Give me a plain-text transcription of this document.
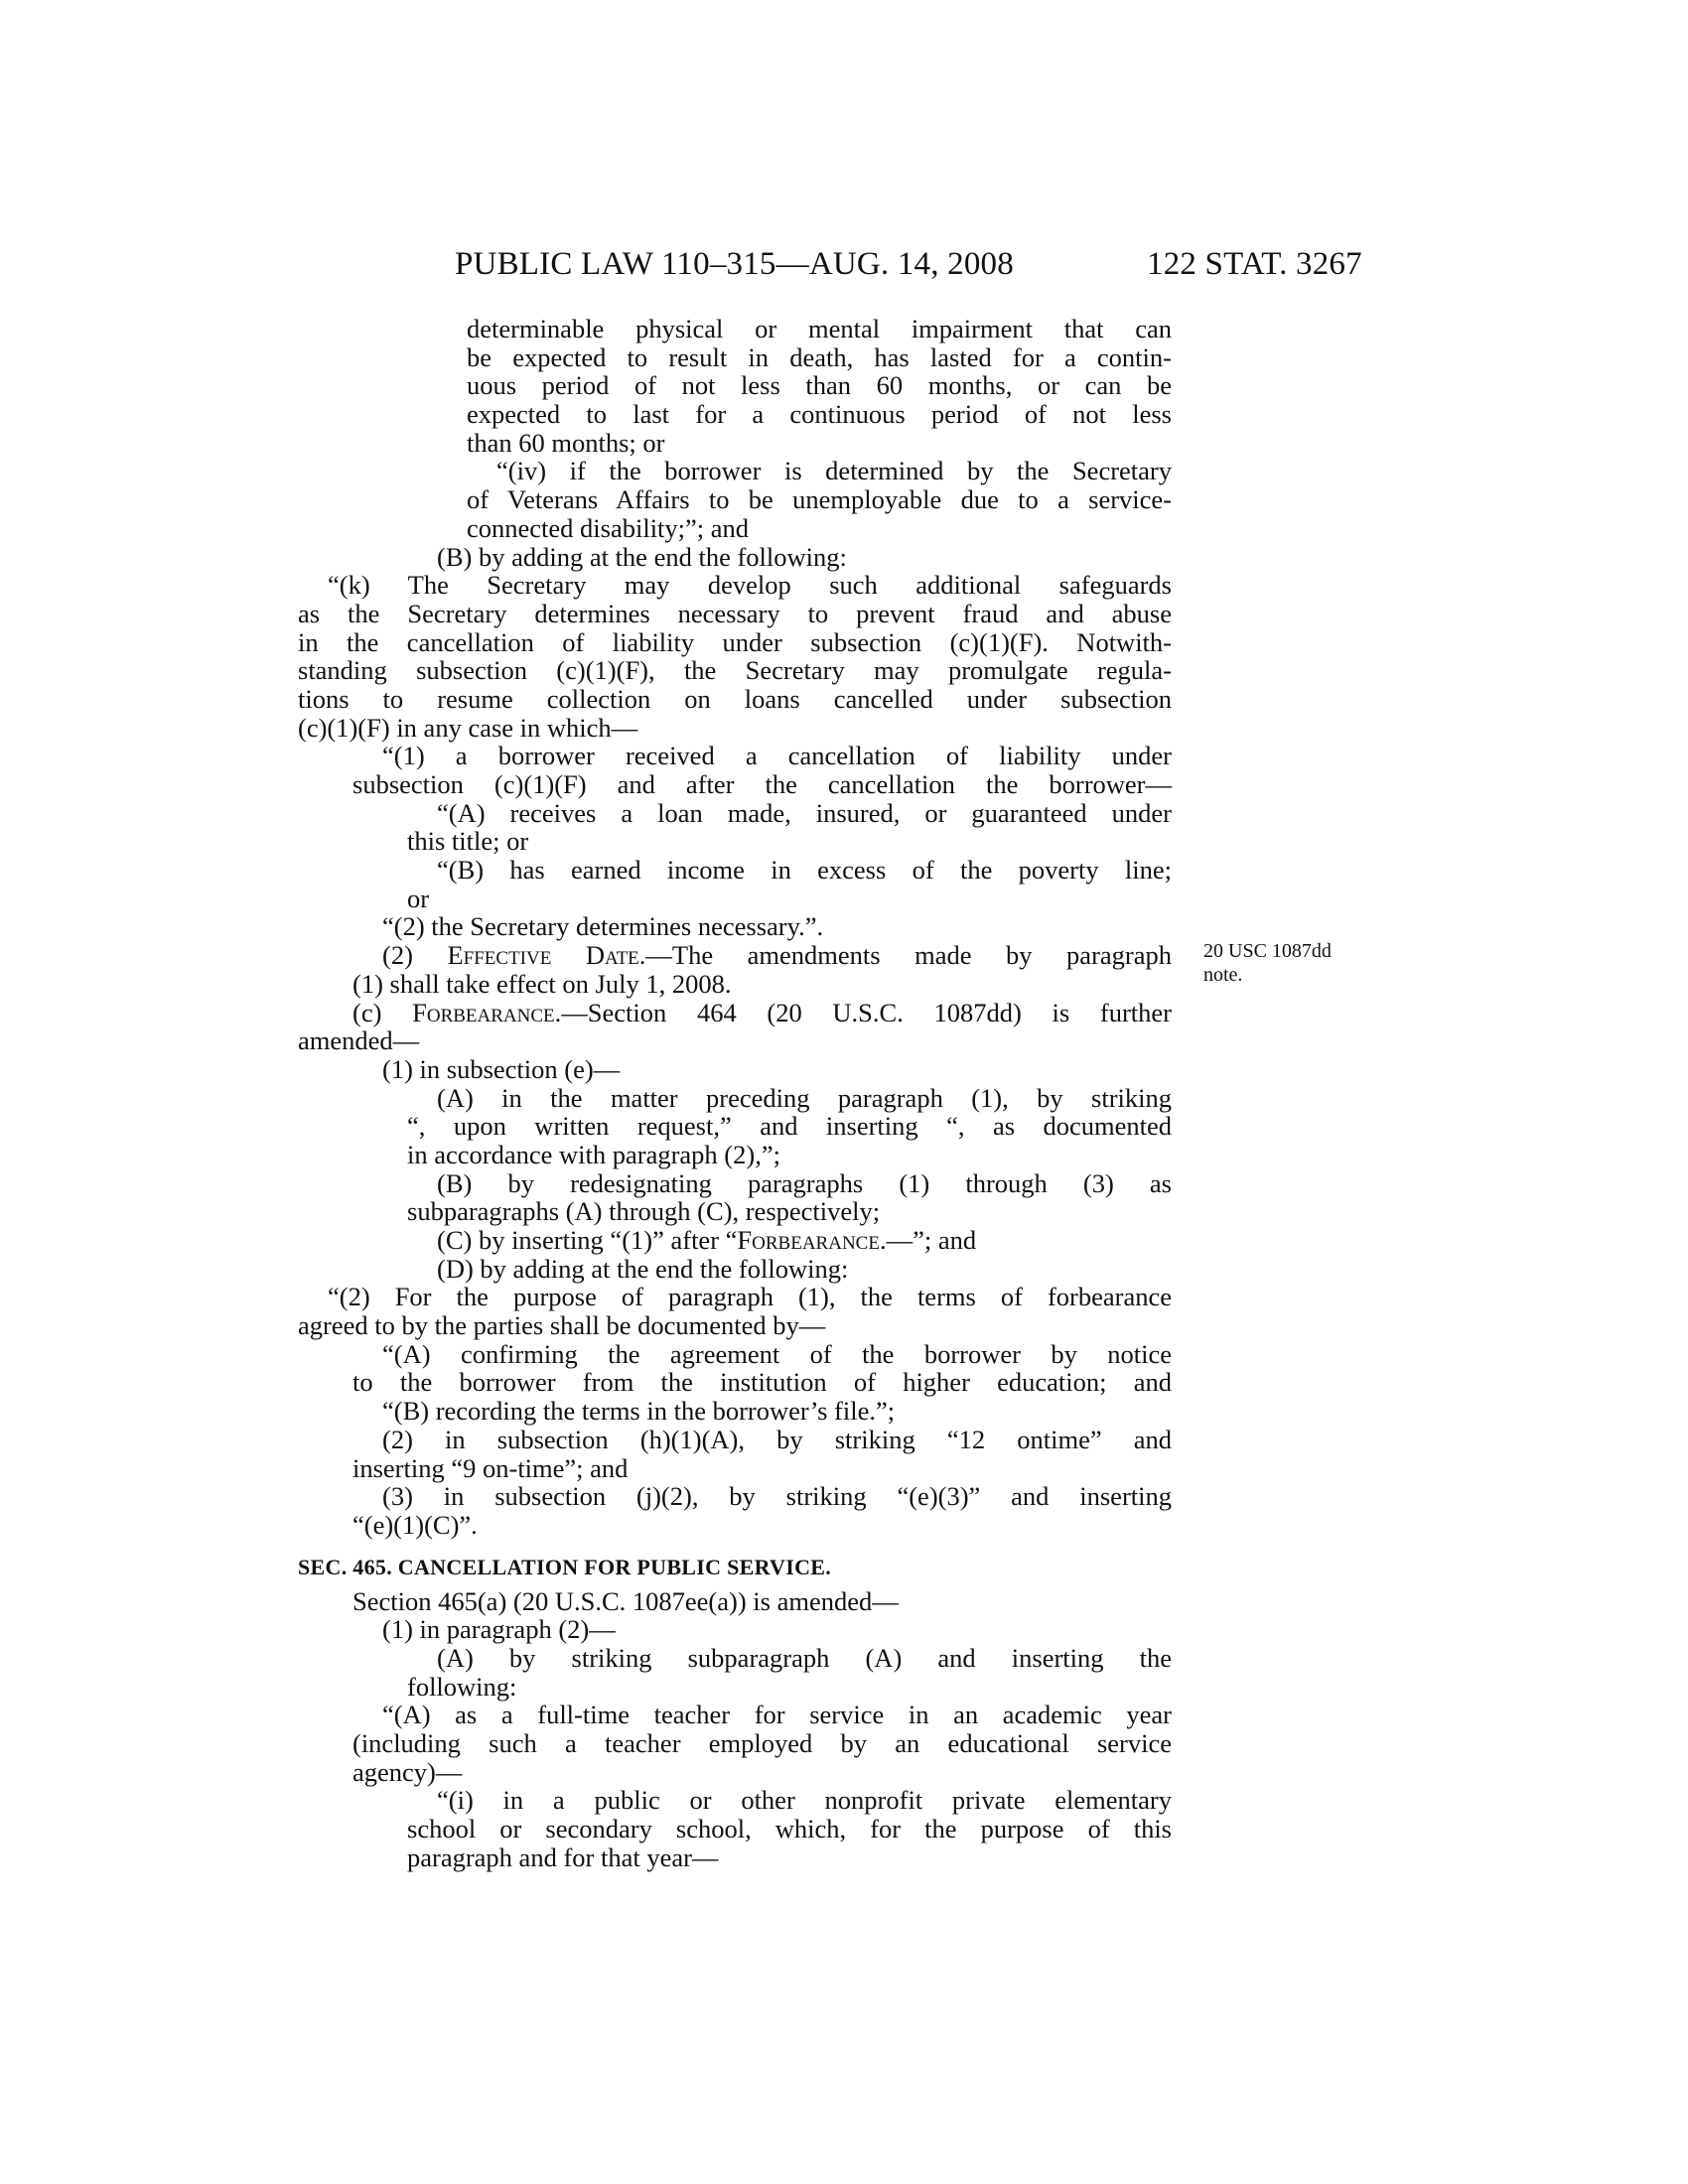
PUBLIC LAW 110–315—AUG. 14, 2008	122 STAT. 3267
determinable physical or mental impairment that can
be expected to result in death, has lasted for a contin-
uous period of not less than 60 months, or can be
expected to last for a continuous period of not less
than 60 months; or
“(iv) if the borrower is determined by the Secretary
of Veterans Affairs to be unemployable due to a service-
connected disability;”; and
(B) by adding at the end the following:
“(k) The Secretary may develop such additional safeguards
as the Secretary determines necessary to prevent fraud and abuse
in the cancellation of liability under subsection (c)(1)(F). Notwith-
standing subsection (c)(1)(F), the Secretary may promulgate regula-
tions to resume collection on loans cancelled under subsection
(c)(1)(F) in any case in which—
“(1) a borrower received a cancellation of liability under
subsection (c)(1)(F) and after the cancellation the borrower—
“(A) receives a loan made, insured, or guaranteed under
this title; or
“(B) has earned income in excess of the poverty line;
or
“(2) the Secretary determines necessary.”.
(2) Effective Date.—The amendments made by paragraph
(1) shall take effect on July 1, 2008.
(c) Forbearance.—Section 464 (20 U.S.C. 1087dd) is further
amended—
(1) in subsection (e)—
(A) in the matter preceding paragraph (1), by striking
“, upon written request,” and inserting “, as documented
in accordance with paragraph (2),”;
(B) by redesignating paragraphs (1) through (3) as
subparagraphs (A) through (C), respectively;
(C) by inserting “(1)” after “Forbearance.—”; and
(D) by adding at the end the following:
“(2) For the purpose of paragraph (1), the terms of forbearance
agreed to by the parties shall be documented by—
“(A) confirming the agreement of the borrower by notice
to the borrower from the institution of higher education; and
“(B) recording the terms in the borrower’s file.”;
(2) in subsection (h)(1)(A), by striking “12 ontime” and
inserting “9 on-time”; and
(3) in subsection (j)(2), by striking “(e)(3)” and inserting
“(e)(1)(C)”.
SEC. 465. CANCELLATION FOR PUBLIC SERVICE.
Section 465(a) (20 U.S.C. 1087ee(a)) is amended—
(1) in paragraph (2)—
(A) by striking subparagraph (A) and inserting the
following:
“(A) as a full-time teacher for service in an academic year
(including such a teacher employed by an educational service
agency)—
“(i) in a public or other nonprofit private elementary
school or secondary school, which, for the purpose of this
paragraph and for that year—
20 USC 1087dd
note.
